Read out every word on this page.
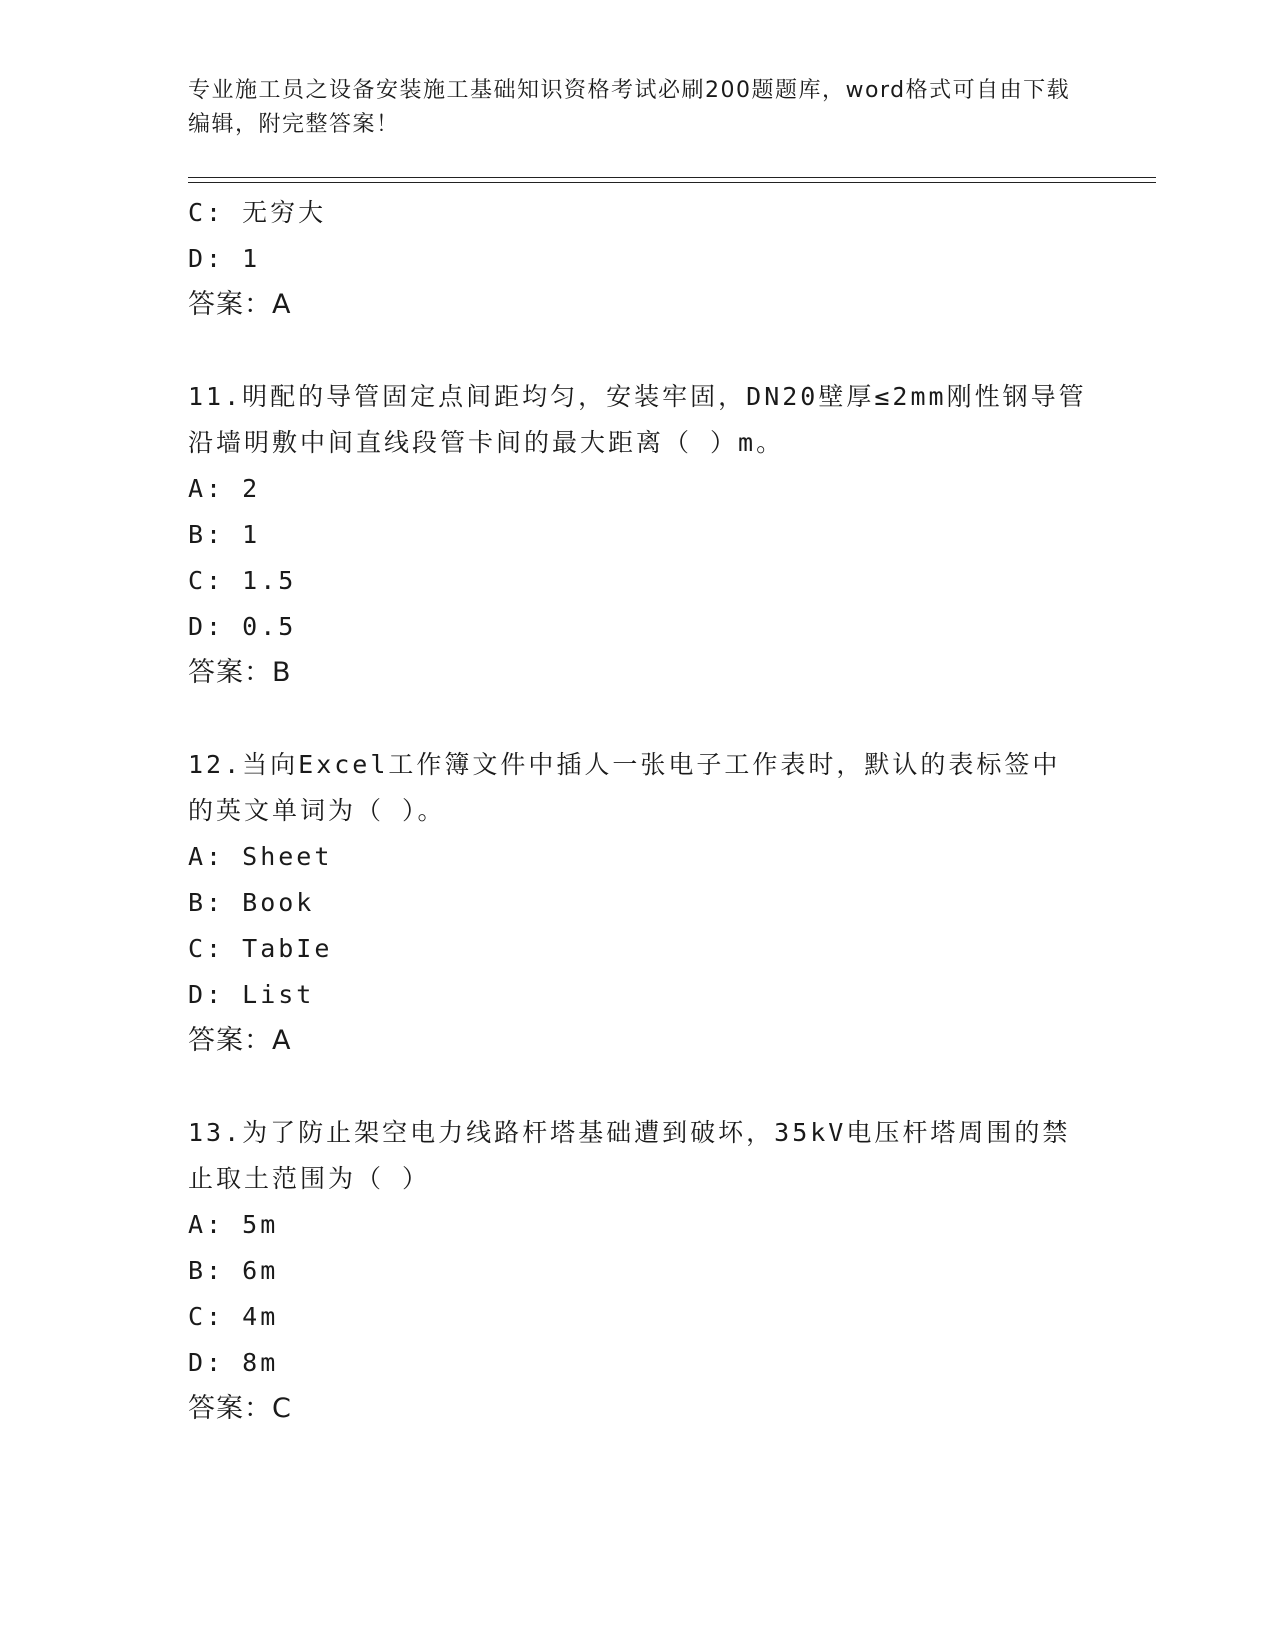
专业施工员之设备安装施工基础知识资格考试必刷200题题库，word格式可自由下载编辑，附完整答案！
C: 无穷大
D: 1
答案：A
11.明配的导管固定点间距均匀，安装牢固，DN20壁厚≤2mm刚性钢导管沿墙明敷中间直线段管卡间的最大距离（ ）m。
A: 2
B: 1
C: 1.5
D: 0.5
答案：B
12.当向Excel工作簿文件中插人一张电子工作表时，默认的表标签中的英文单词为（ ）。
A: Sheet
B: Book
C: TabIe
D: List
答案：A
13.为了防止架空电力线路杆塔基础遭到破坏，35kV电压杆塔周围的禁止取土范围为（ ）
A: 5m
B: 6m
C: 4m
D: 8m
答案：C
